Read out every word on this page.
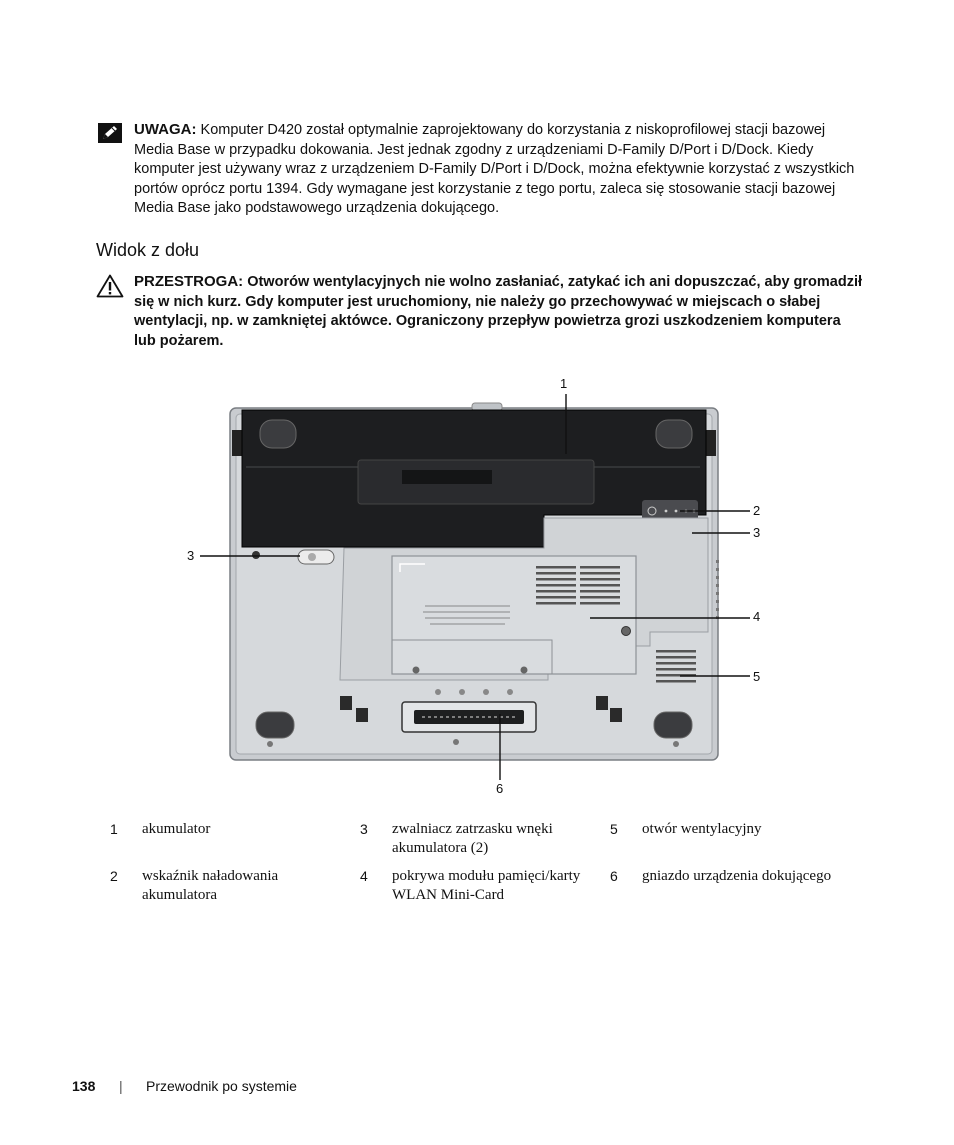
UWAGA: Komputer D420 został optymalnie zaprojektowany do korzystania z niskoprofilowej stacji bazowej Media Base w przypadku dokowania. Jest jednak zgodny z urządzeniami D-Family D/Port i D/Dock. Kiedy komputer jest używany wraz z urządzeniem D-Family D/Port i D/Dock, można efektywnie korzystać z wszystkich portów oprócz portu 1394. Gdy wymagane jest korzystanie z tego portu, zaleca się stosowanie stacji bazowej Media Base jako podstawowego urządzenia dokującego.
Widok z dołu
PRZESTROGA: Otworów wentylacyjnych nie wolno zasłaniać, zatykać ich ani dopuszczać, aby gromadził się w nich kurz. Gdy komputer jest uruchomiony, nie należy go przechowywać w miejscach o słabej wentylacji, np. w zamkniętej aktówce. Ograniczony przepływ powietrza grozi uszkodzeniem komputera lub pożarem.
1
2
3
3
4
5
6
1 akumulator
2 wskaźnik naładowania akumulatora
3 zwalniacz zatrzasku wnęki akumulatora (2)
4 pokrywa modułu pamięci/karty WLAN Mini-Card
5 otwór wentylacyjny
6 gniazdo urządzenia dokującego
138 | Przewodnik po systemie
